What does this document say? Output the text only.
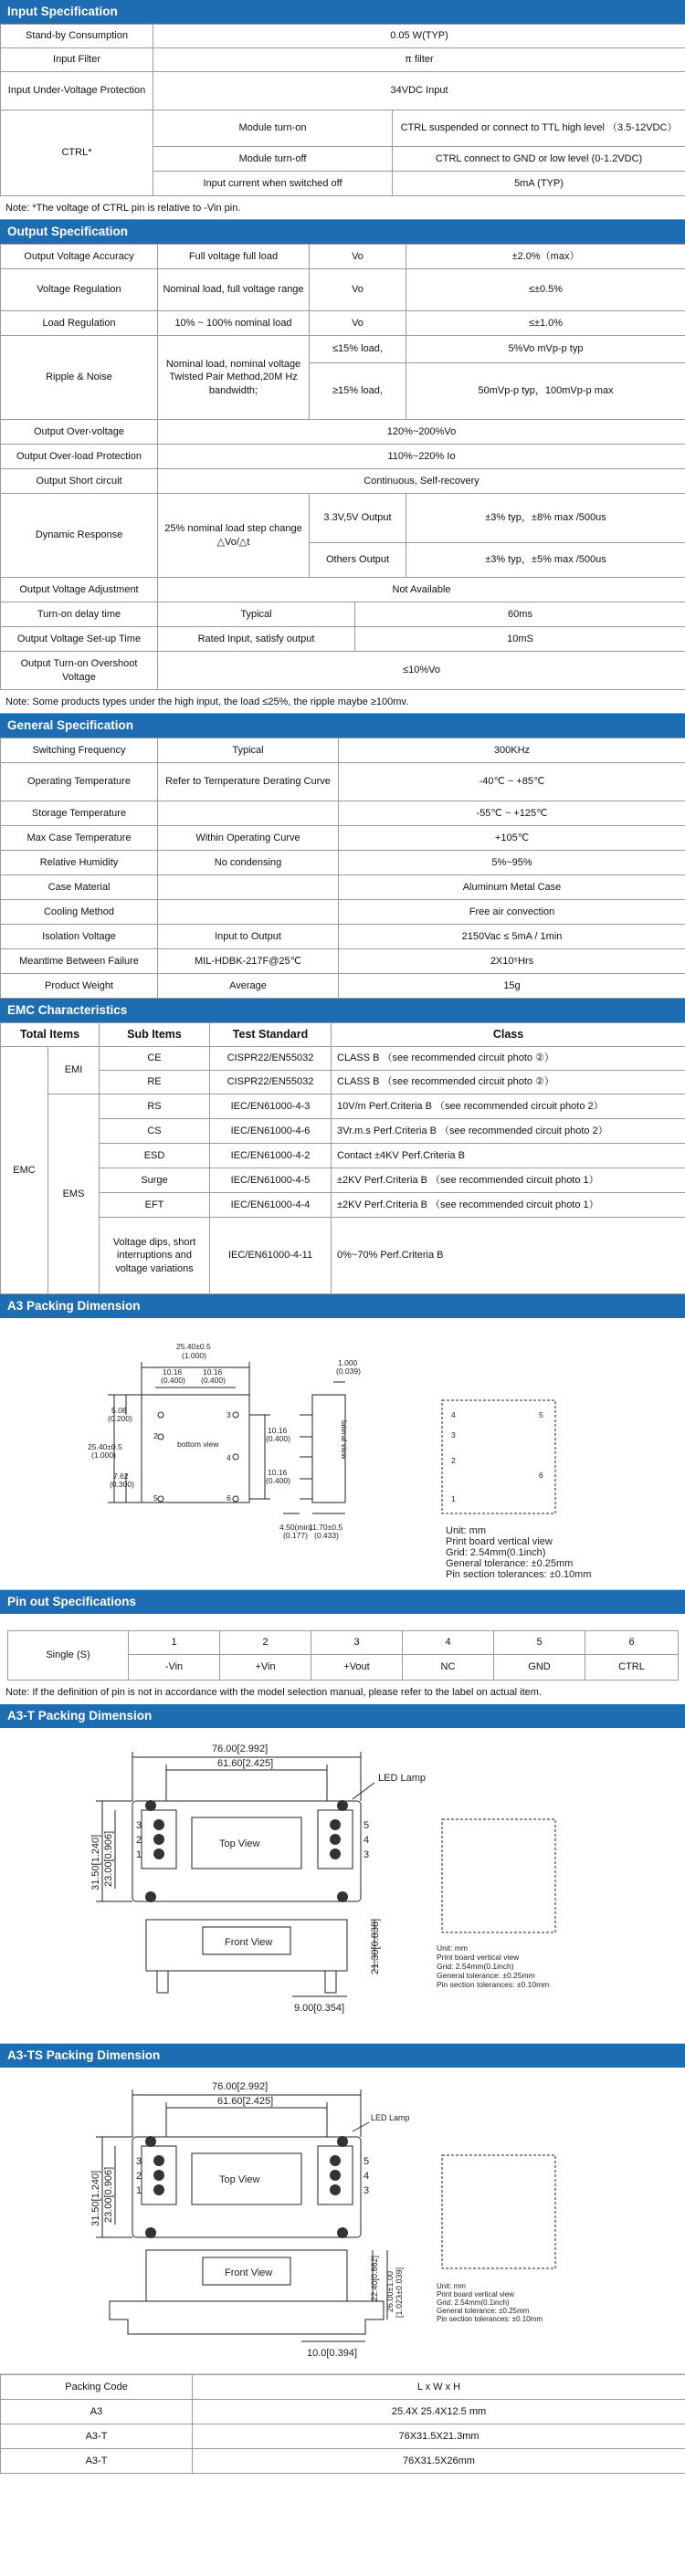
Input Specification
Stand-by Consumption	0.05 W(TYP)	
Input Filter	π filter	
Input Under-Voltage Protection	34VDC Input	
CTRL*	Module turn-on	CTRL suspended or connect to TTL high level （3.5-12VDC）
	Module turn-off	CTRL connect to GND or low level (0-1.2VDC)
	Input current when switched off	5mA (TYP)
Note: *The voltage of CTRL pin is relative to -Vin pin.
Output Specification
Output Voltage Accuracy	Full voltage full load	Vo		±2.0%（max）
Voltage Regulation	Nominal load, full voltage range	Vo		≤±0.5%
Load Regulation	10% ~ 100% nominal load	Vo		≤±1.0%
Ripple & Noise	Nominal load, nominal voltage Twisted Pair Method,20M Hz bandwidth;	≤15% load,		5%Vo mVp-p typ
		≥15% load,		50mVp-p typ，100mVp-p max
Output Over-voltage	120%~200%Vo			
Output Over-load Protection	110%~220% Io			
Output Short circuit	Continuous, Self-recovery			
Dynamic Response	25% nominal load step change △Vo/△t	3.3V,5V Output		±3% typ，±8% max /500us
		Others Output		±3% typ，±5% max /500us
Output Voltage Adjustment	Not Available			
Turn-on delay time	Typical		60ms	
Output Voltage Set-up Time	Rated Input, satisfy output		10mS	
Output Turn-on Overshoot Voltage	≤10%Vo			
Note: Some products types under the high input, the load ≤25%, the ripple maybe ≥100mv.
General Specification
Switching Frequency	Typical	300KHz
Operating Temperature	Refer to Temperature Derating Curve	-40℃ ~ +85℃
Storage Temperature		-55℃ ~ +125℃
Max Case Temperature	Within Operating Curve	+105℃
Relative Humidity	No condensing	5%~95%
Case Material		Aluminum Metal Case
Cooling Method		Free air convection
Isolation Voltage	Input to Output	2150Vac ≤ 5mA / 1min
Meantime Between Failure	MIL-HDBK-217F@25℃	2X10⁵Hrs
Product Weight	Average	15g
EMC Characteristics
Total Items		Sub Items	Test Standard	Class
EMC	EMI	CE	CISPR22/EN55032	CLASS B （see recommended circuit photo ②）
		RE	CISPR22/EN55032	CLASS B （see recommended circuit photo ②）
	EMS	RS	IEC/EN61000-4-3	10V/m Perf.Criteria B （see recommended circuit photo 2）
		CS	IEC/EN61000-4-6	3Vr.m.s Perf.Criteria B （see recommended circuit photo 2）
		ESD	IEC/EN61000-4-2	Contact ±4KV Perf.Criteria B
		Surge	IEC/EN61000-4-5	±2KV Perf.Criteria B （see recommended circuit photo 1）
		EFT	IEC/EN61000-4-4	±2KV Perf.Criteria B （see recommended circuit photo 1）
		Voltage dips, short interruptions and voltage variations	IEC/EN61000-4-11	0%~70% Perf.Criteria B
A3 Packing Dimension
25.40±0.5
(1.000)
10.16
(0.400)
10.16
(0.400)
5.08
(0.200)
25.40±0.5
(1.000)
7.62
(0.300)
10.16
(0.400)
10.16
(0.400)
bottom view	lateral view
1.000
(0.039)
4.50(min)
(0.177)
11.70±0.5
(0.433)
3
2
5
4
6
4	5
3
2
6
1
Unit: mm
Print board vertical view
Grid: 2.54mm(0.1inch)
General tolerance: ±0.25mm
Pin section tolerances: ±0.10mm
Pin out Specifications
Single (S)	1	2	3	4	5	6
	-Vin	+Vin	+Vout	NC	GND	CTRL
Note: If the definition of pin is not in accordance with the model selection manual, please refer to the label on actual item.
A3-T Packing Dimension
76.00[2.992]
61.60[2.425]
LED Lamp
31.50[1.240] 23.00[0.906]	Top View
Front View	21.30[0.838]
9.00[0.354]
3
2
1
5
4
3
Unit: mm
Print board vertical view
Grid: 2.54mm(0.1inch)
General tolerance: ±0.25mm
Pin section tolerances: ±0.10mm
A3-TS Packing Dimension
76.00[2.992]
61.60[2.425]
LED Lamp
31.50[1.240] 23.00[0.906]	Top View
Front View
10.0[0.394]
3
2
1
5
4
3
22.40[0.882] 26.00±1.00 [1.023±0.039]	Unit: mm
Print board vertical view
Grid: 2.54mm(0.1inch)
General tolerance: ±0.25mm
Pin section tolerances: ±0.10mm
Packing Code	L x W x H
A3	25.4X 25.4X12.5 mm
A3-T	76X31.5X21.3mm
A3-T	76X31.5X26mm
